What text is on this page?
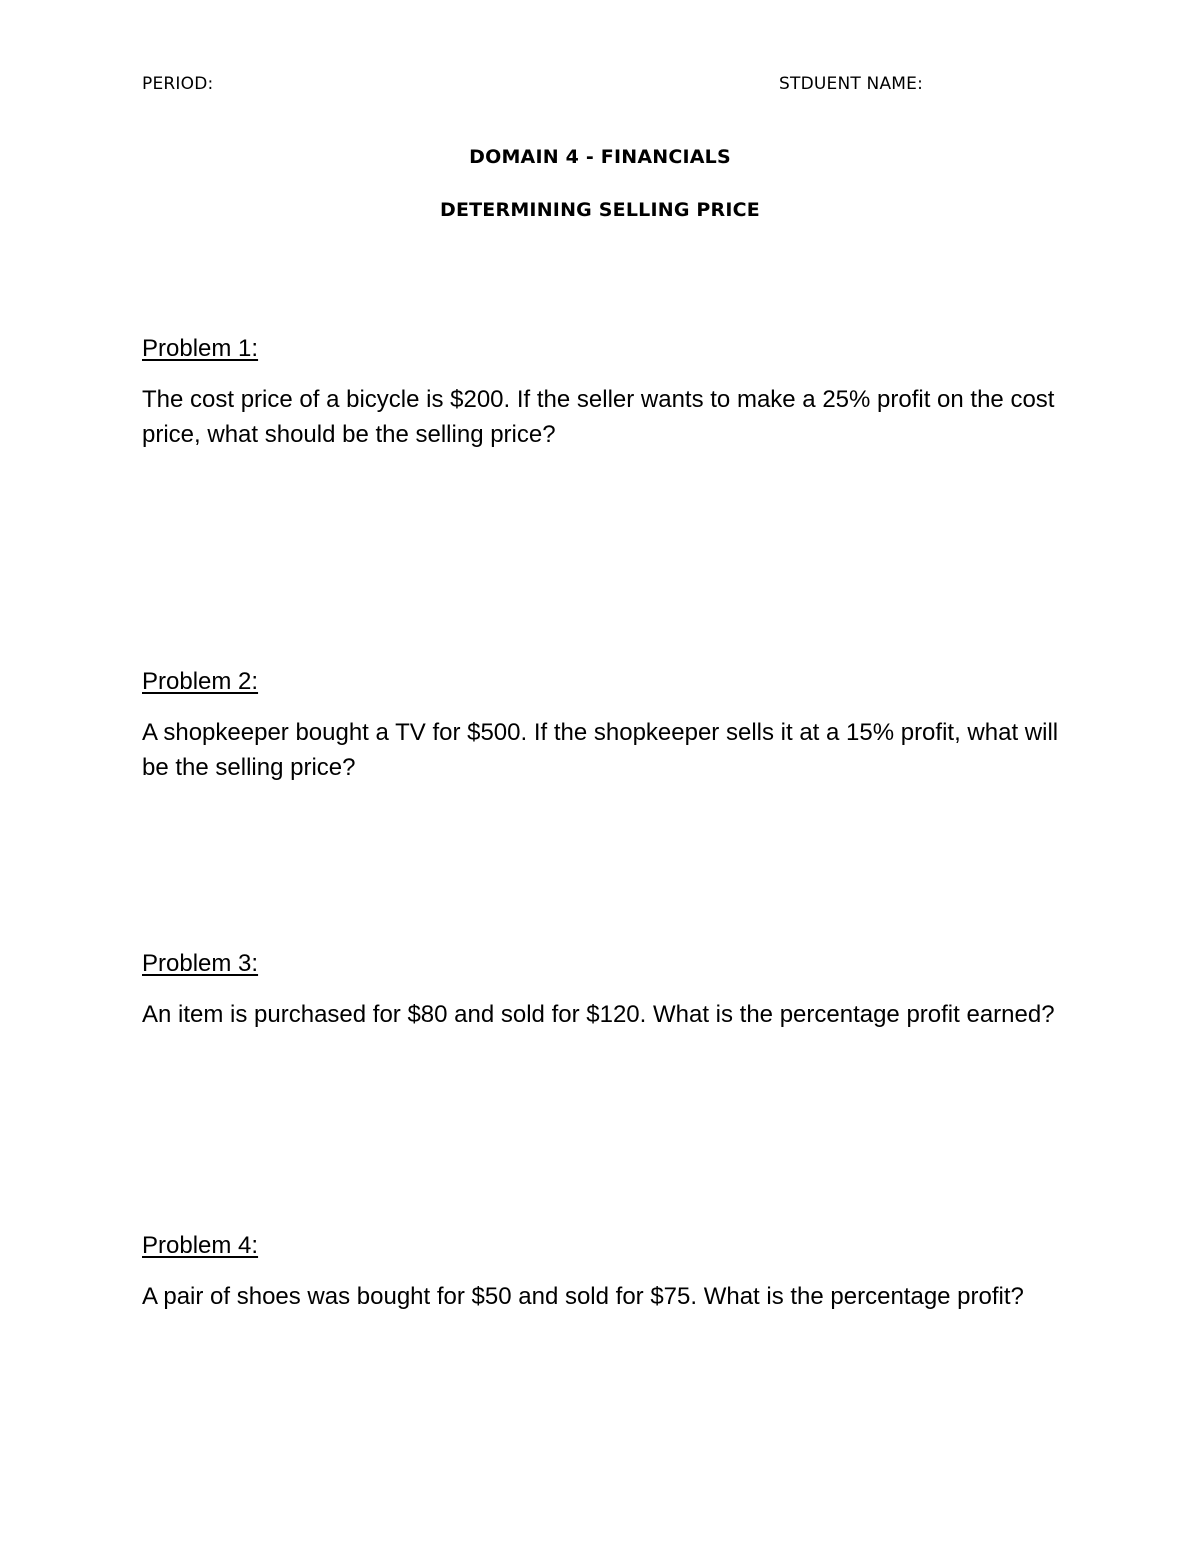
PERIOD:	STDUENT NAME:
DOMAIN 4 - FINANCIALS
DETERMINING SELLING PRICE

Problem 1:

The cost price of a bicycle is $200. If the seller wants to make a 25% profit on the cost price, what should be the selling price?

Problem 2:

A shopkeeper bought a TV for $500. If the shopkeeper sells it at a 15% profit, what will be the selling price?

Problem 3:

An item is purchased for $80 and sold for $120. What is the percentage profit earned?

Problem 4:

A pair of shoes was bought for $50 and sold for $75. What is the percentage profit?
